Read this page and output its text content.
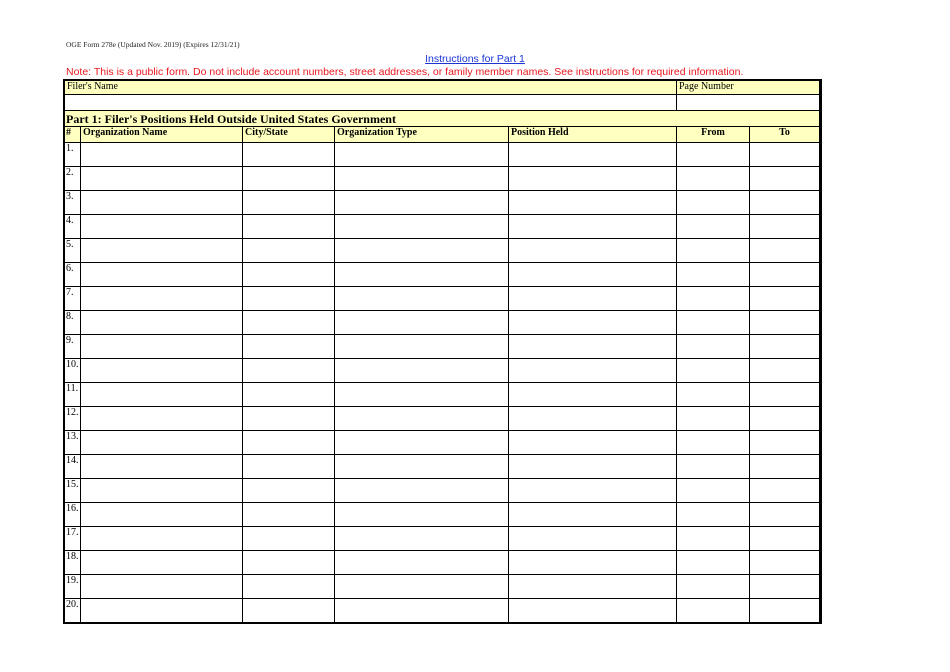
OGE Form 278e (Updated Nov. 2019) (Expires 12/31/21)
Instructions for Part 1
Note: This is a public form. Do not include account numbers, street addresses, or family member names. See instructions for required information.
Filer's Name	Page Number
Part 1: Filer's Positions Held Outside United States Government
#	Organization Name	City/State	Organization Type	Position Held	From	To
1.
2.
3.
4.
5.
6.
7.
8.
9.
10.
11.
12.
13.
14.
15.
16.
17.
18.
19.
20.
